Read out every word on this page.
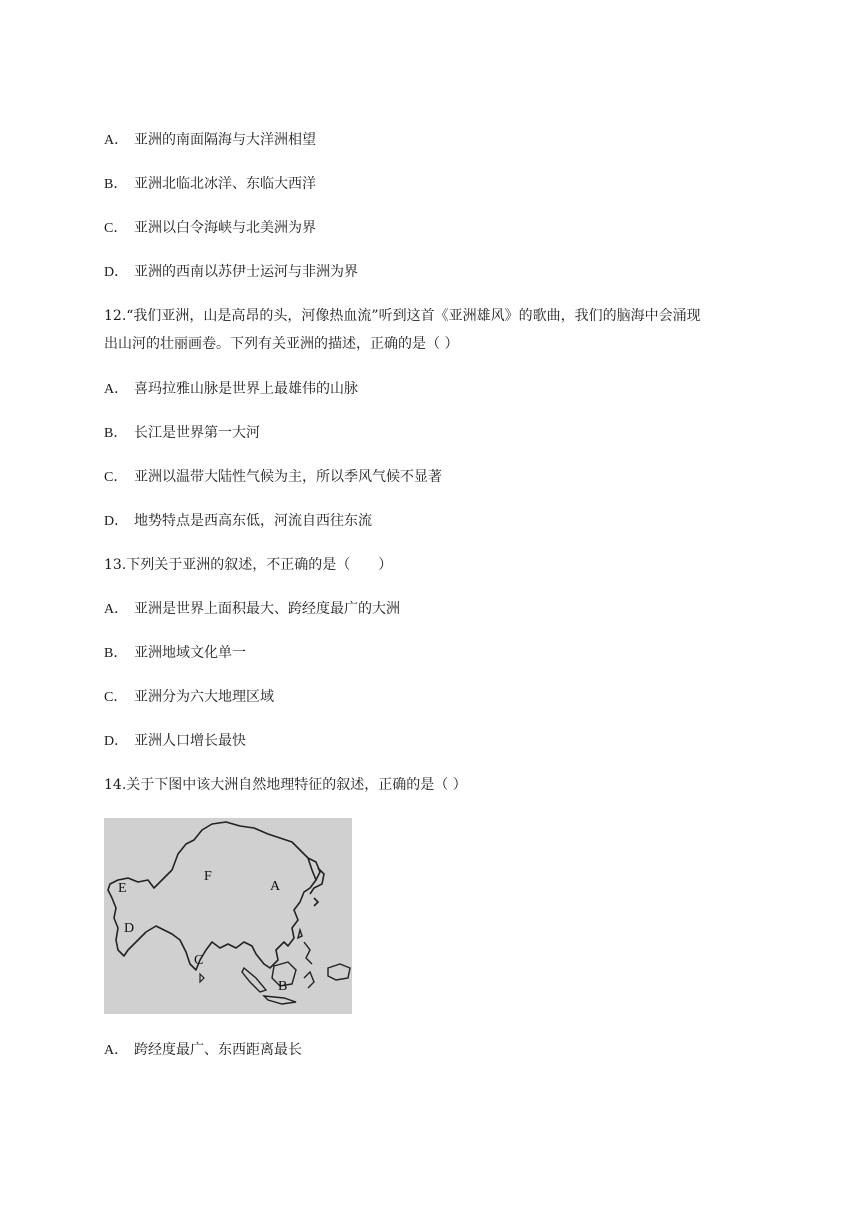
A． 亚洲的南面隔海与大洋洲相望
B． 亚洲北临北冰洋、东临大西洋
C． 亚洲以白令海峡与北美洲为界
D． 亚洲的西南以苏伊士运河与非洲为界
12.“我们亚洲，山是高昂的头，河像热血流”听到这首《亚洲雄风》的歌曲，我们的脑海中会涌现
出山河的壮丽画卷。下列有关亚洲的描述，正确的是（ ）
A． 喜玛拉雅山脉是世界上最雄伟的山脉
B． 长江是世界第一大河
C． 亚洲以温带大陆性气候为主，所以季风气候不显著
D． 地势特点是西高东低，河流自西往东流
13.下列关于亚洲的叙述，不正确的是（　　）
A． 亚洲是世界上面积最大、跨经度最广的大洲
B． 亚洲地域文化单一
C． 亚洲分为六大地理区域
D． 亚洲人口增长最快
14.关于下图中该大洲自然地理特征的叙述，正确的是（ ）
F
A
E
D
C
B
A． 跨经度最广、东西距离最长
